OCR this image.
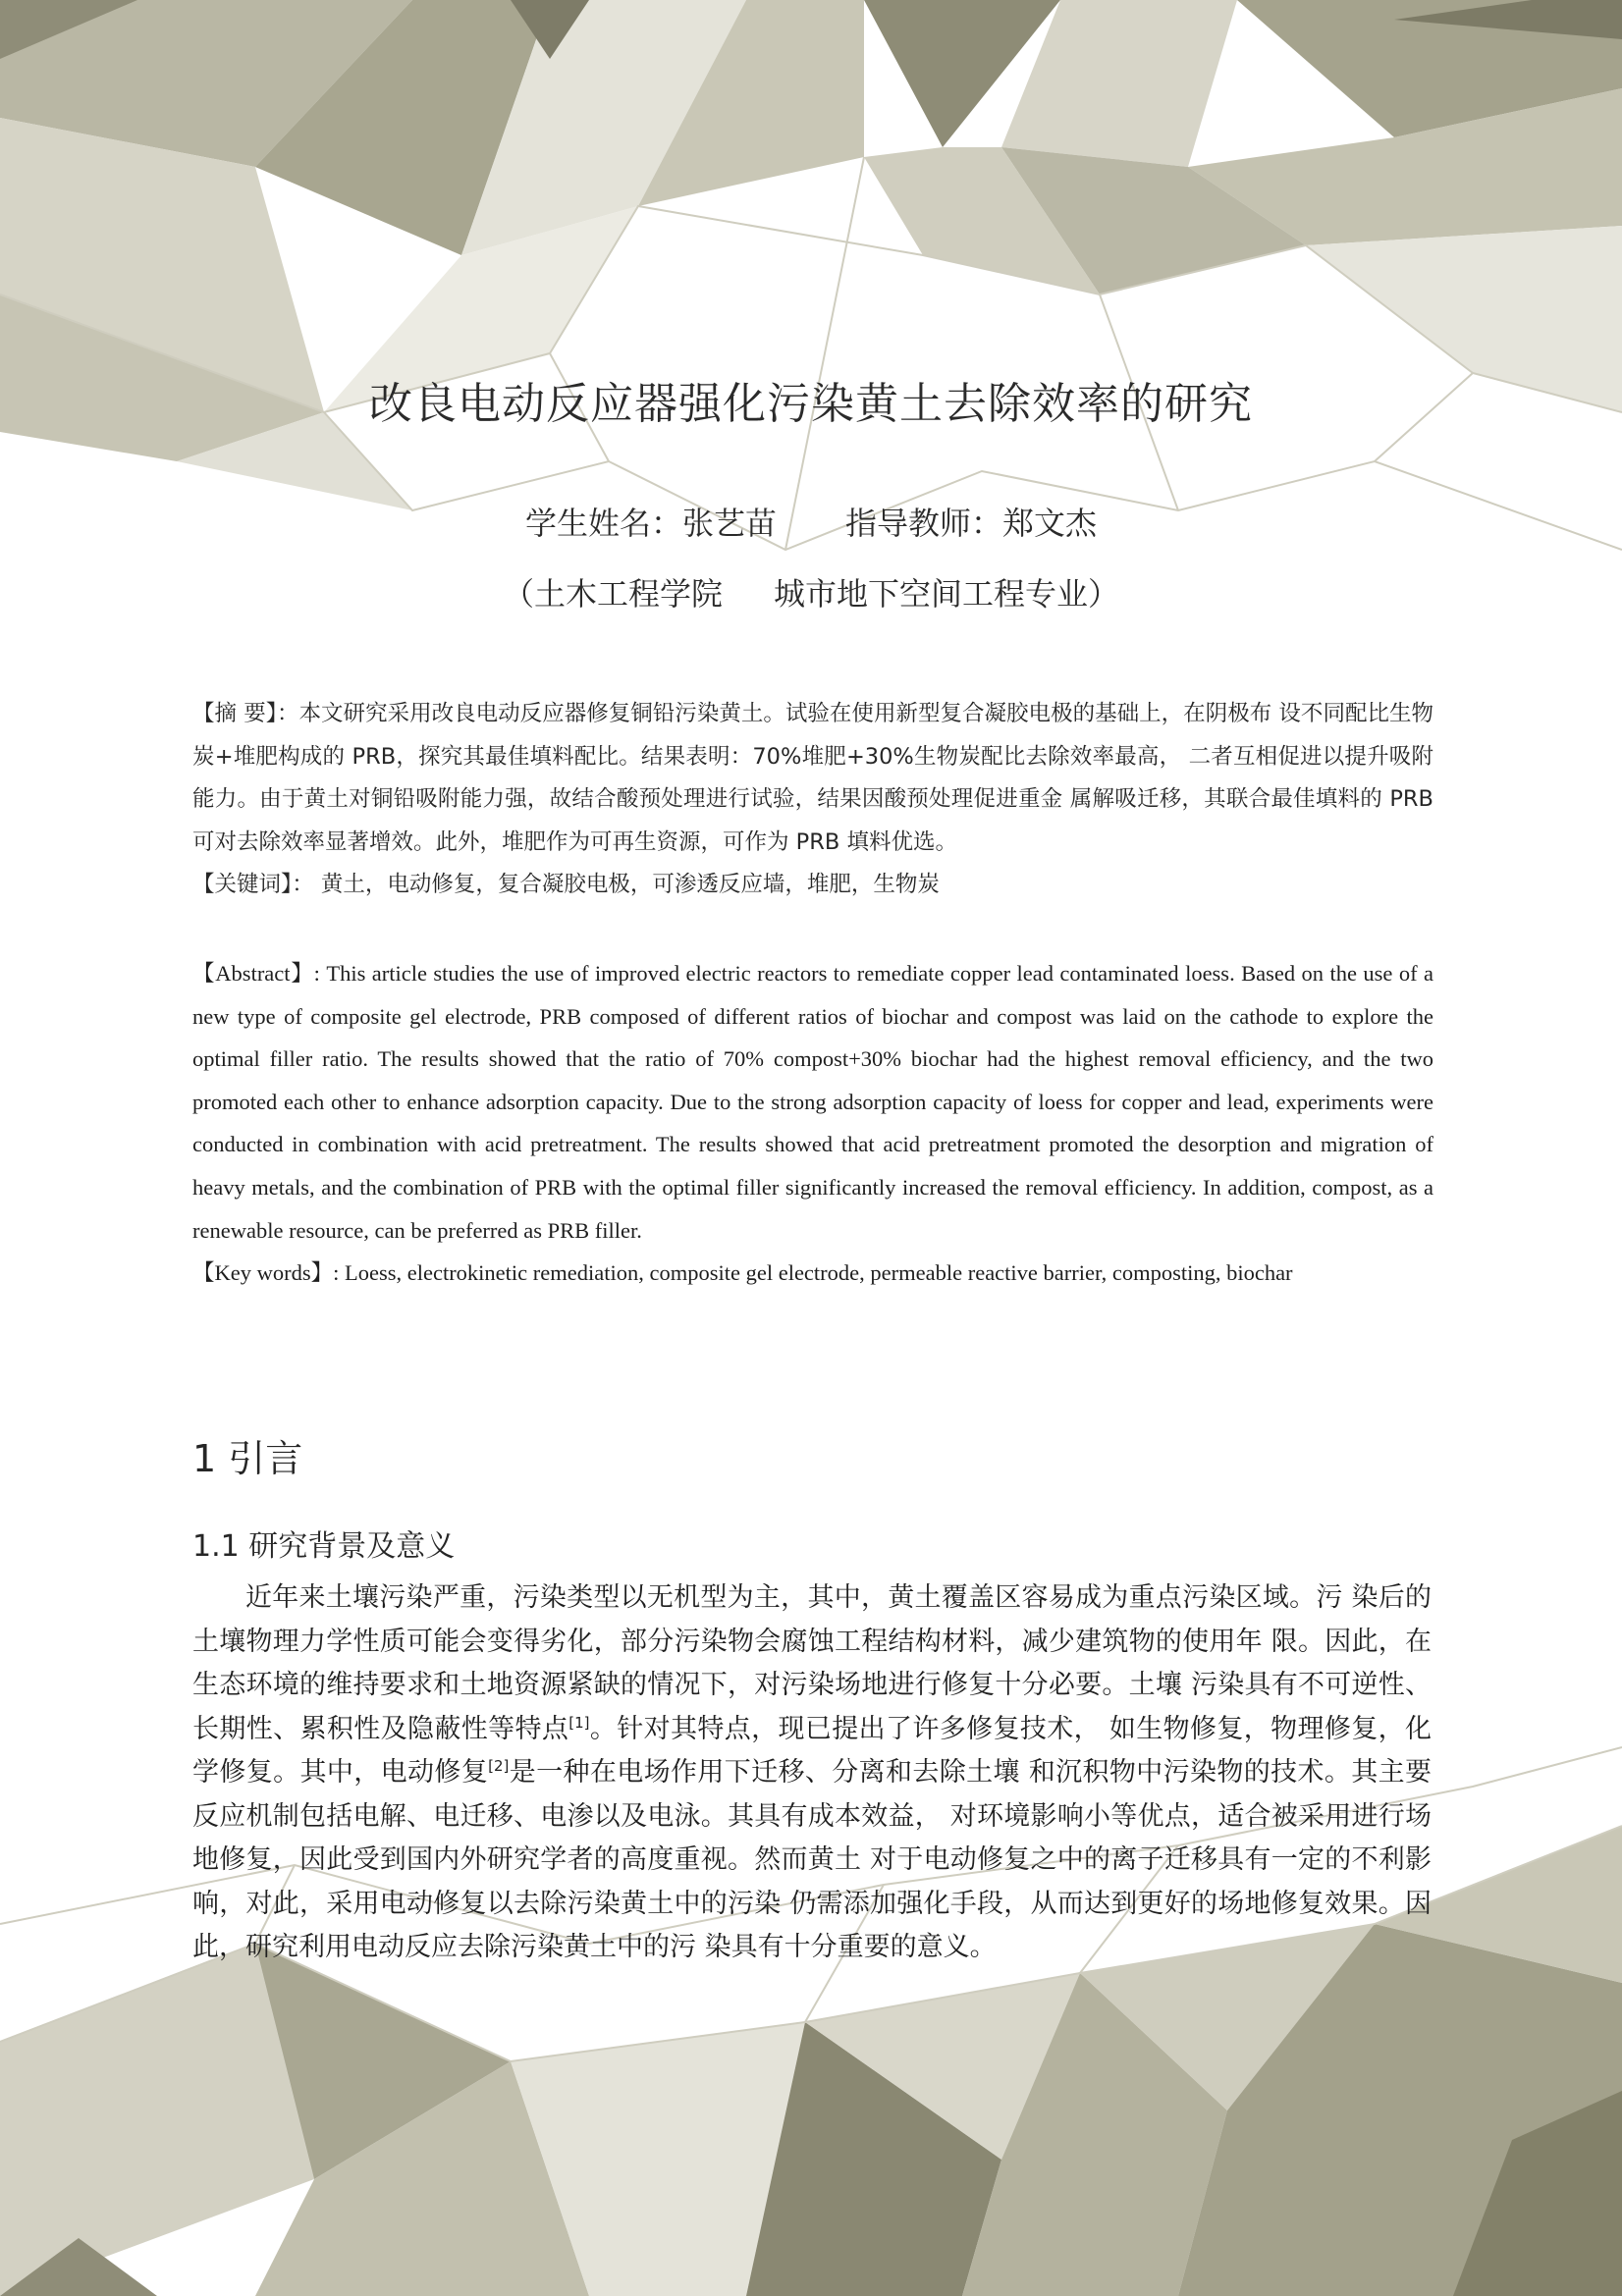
改良电动反应器强化污染黄土去除效率的研究
学生姓名：张艺苗 指导教师：郑文杰
（土木工程学院 城市地下空间工程专业）

【摘 要】：本文研究采用改良电动反应器修复铜铅污染黄土。试验在使用新型复合凝胶电极的基础上，在阴极布 设不同配比生物炭+堆肥构成的 PRB，探究其最佳填料配比。结果表明：70%堆肥+30%生物炭配比去除效率最高， 二者互相促进以提升吸附能力。由于黄土对铜铅吸附能力强，故结合酸预处理进行试验，结果因酸预处理促进重金 属解吸迁移，其联合最佳填料的 PRB 可对去除效率显著增效。此外，堆肥作为可再生资源，可作为 PRB 填料优选。

【关键词】： 黄土，电动修复，复合凝胶电极，可渗透反应墙，堆肥，生物炭

【Abstract】: This article studies the use of improved electric reactors to remediate copper lead contaminated loess. Based on the use of a new type of composite gel electrode, PRB composed of different ratios of biochar and compost was laid on the cathode to explore the optimal filler ratio. The results showed that the ratio of 70% compost+30% biochar had the highest removal efficiency, and the two promoted each other to enhance adsorption capacity. Due to the strong adsorption capacity of loess for copper and lead, experiments were conducted in combination with acid pretreatment. The results showed that acid pretreatment promoted the desorption and migration of heavy metals, and the combination of PRB with the optimal filler significantly increased the removal efficiency. In addition, compost, as a renewable resource, can be preferred as PRB filler.

【Key words】: Loess, electrokinetic remediation, composite gel electrode, permeable reactive barrier, composting, biochar

1 引言
1.1 研究背景及意义
近年来土壤污染严重，污染类型以无机型为主，其中，黄土覆盖区容易成为重点污染区域。污 染后的土壤物理力学性质可能会变得劣化，部分污染物会腐蚀工程结构材料，减少建筑物的使用年 限。因此，在生态环境的维持要求和土地资源紧缺的情况下，对污染场地进行修复十分必要。土壤 污染具有不可逆性、长期性、累积性及隐蔽性等特点[1]。针对其特点，现已提出了许多修复技术， 如生物修复，物理修复，化学修复。其中，电动修复[2]是一种在电场作用下迁移、分离和去除土壤 和沉积物中污染物的技术。其主要反应机制包括电解、电迁移、电渗以及电泳。其具有成本效益， 对环境影响小等优点，适合被采用进行场地修复，因此受到国内外研究学者的高度重视。然而黄土 对于电动修复之中的离子迁移具有一定的不利影响，对此，采用电动修复以去除污染黄土中的污染 仍需添加强化手段，从而达到更好的场地修复效果。因此，研究利用电动反应去除污染黄土中的污 染具有十分重要的意义。
